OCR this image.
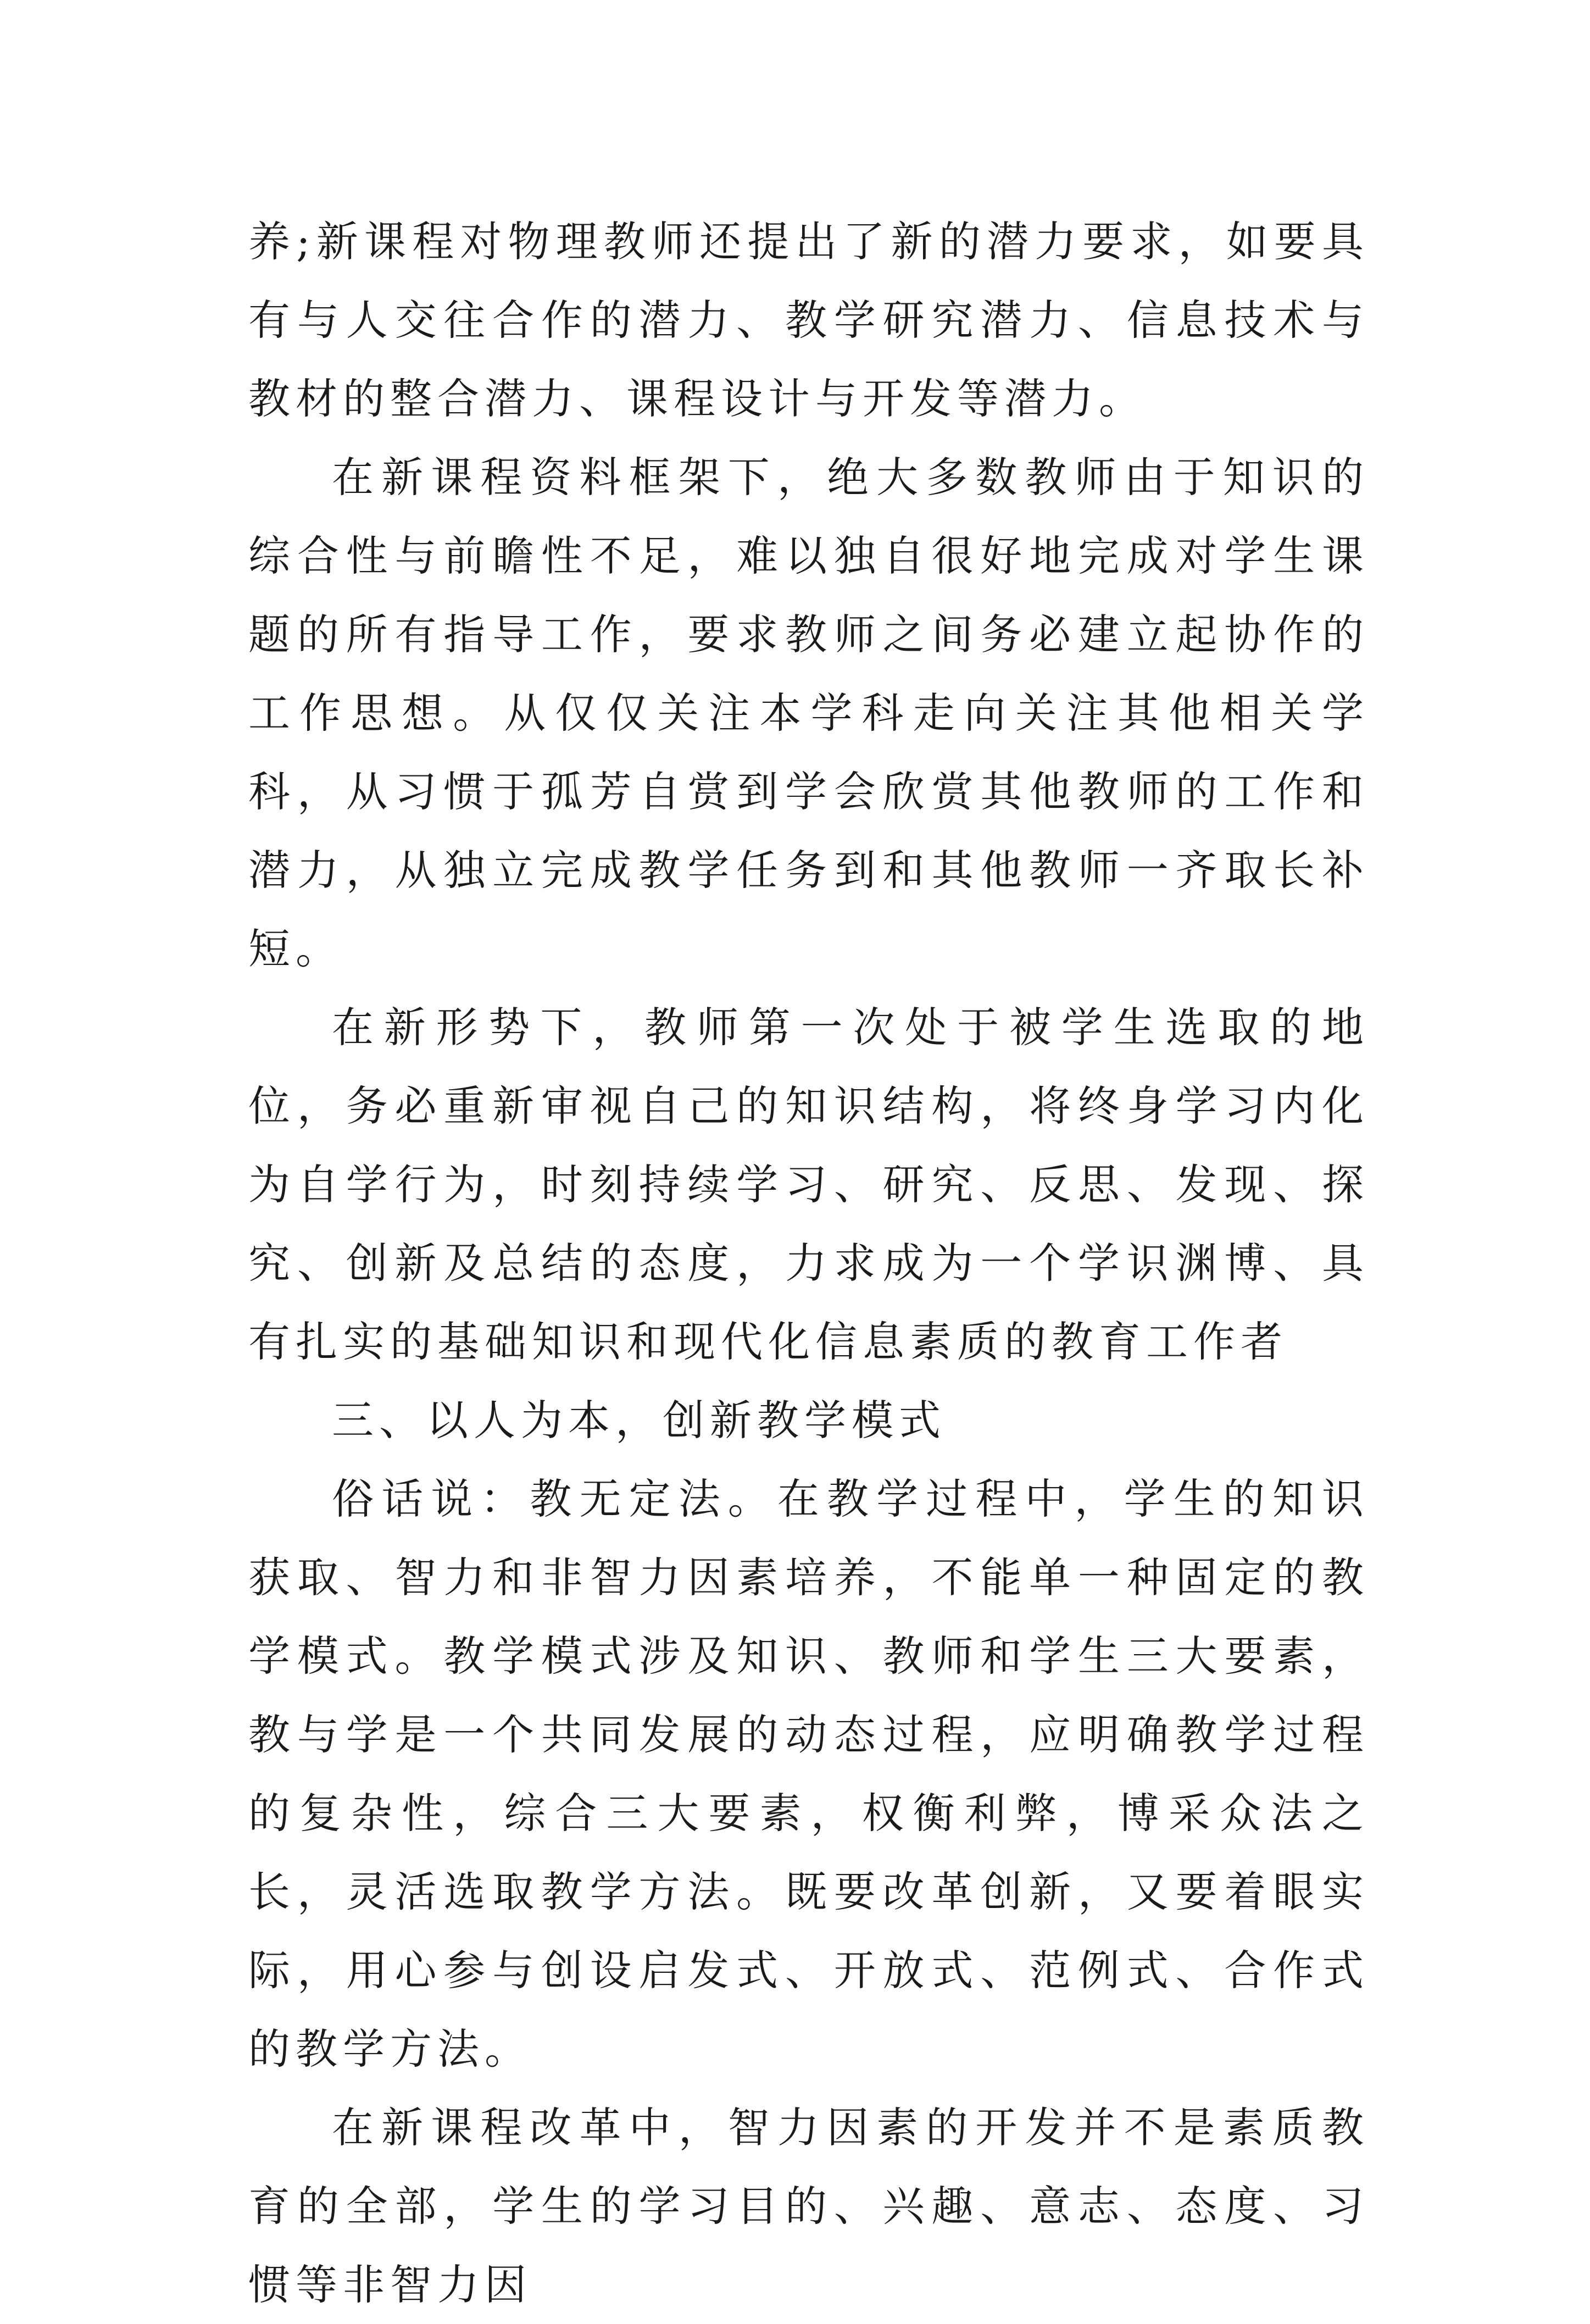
养;新课程对物理教师还提出了新的潜力要求，如要具有与人交往合作的潜力、教学研究潜力、信息技术与教材的整合潜力、课程设计与开发等潜力。

在新课程资料框架下，绝大多数教师由于知识的综合性与前瞻性不足，难以独自很好地完成对学生课题的所有指导工作，要求教师之间务必建立起协作的工作思想。从仅仅关注本学科走向关注其他相关学科，从习惯于孤芳自赏到学会欣赏其他教师的工作和潜力，从独立完成教学任务到和其他教师一齐取长补短。

在新形势下，教师第一次处于被学生选取的地位，务必重新审视自己的知识结构，将终身学习内化为自学行为，时刻持续学习、研究、反思、发现、探究、创新及总结的态度，力求成为一个学识渊博、具有扎实的基础知识和现代化信息素质的教育工作者

三、以人为本，创新教学模式

俗话说：教无定法。在教学过程中，学生的知识获取、智力和非智力因素培养，不能单一种固定的教学模式。教学模式涉及知识、教师和学生三大要素，教与学是一个共同发展的动态过程，应明确教学过程的复杂性，综合三大要素，权衡利弊，博采众法之长，灵活选取教学方法。既要改革创新，又要着眼实际，用心参与创设启发式、开放式、范例式、合作式的教学方法。

在新课程改革中，智力因素的开发并不是素质教育的全部，学生的学习目的、兴趣、意志、态度、习惯等非智力因
